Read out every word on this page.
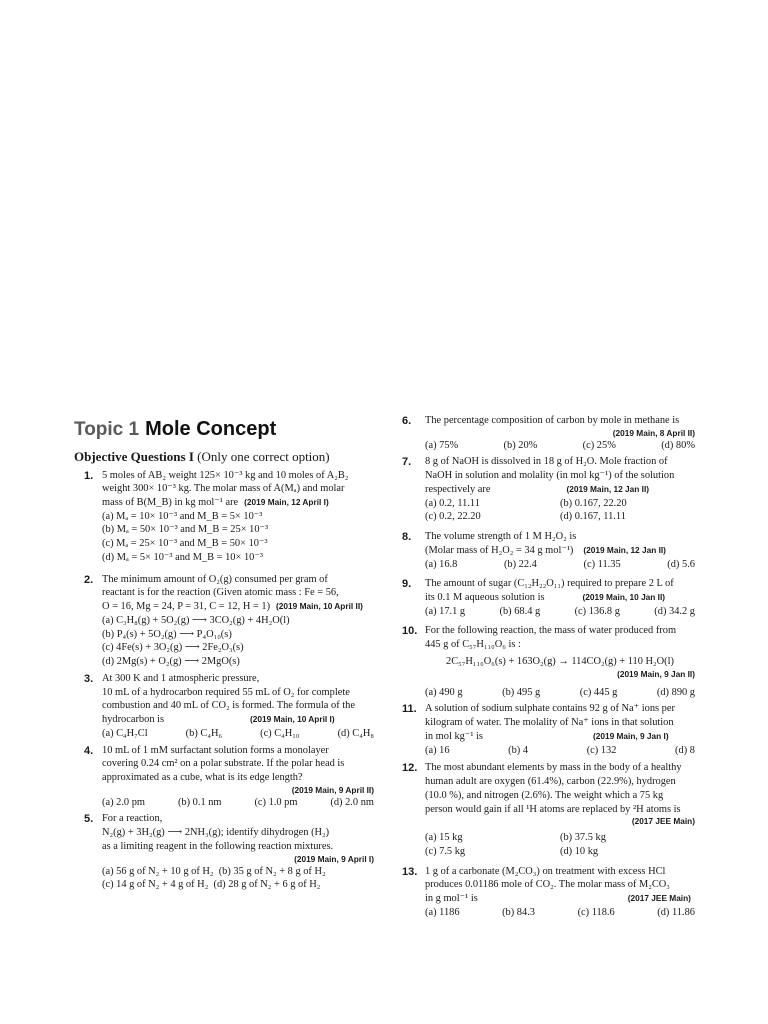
Topic 1 Mole Concept
Objective Questions I (Only one correct option)
1. 5 moles of AB₂ weight 125× 10⁻³ kg and 10 moles of A₂B₂
weight 300× 10⁻³ kg. The molar mass of A(Mₐ) and molar
mass of B(M_B) in kg mol⁻¹ are (2019 Main, 12 April I)
(a) Mₐ = 10× 10⁻³ and M_B = 5× 10⁻³
(b) Mₐ = 50× 10⁻³ and M_B = 25× 10⁻³
(c) Mₐ = 25× 10⁻³ and M_B = 50× 10⁻³
(d) Mₐ = 5× 10⁻³ and M_B = 10× 10⁻³
2. The minimum amount of O₂(g) consumed per gram of
reactant is for the reaction (Given atomic mass : Fe = 56,
O = 16, Mg = 24, P = 31, C = 12, H = 1) (2019 Main, 10 April II)
(a) C₃H₈(g) + 5O₂(g) ⟶ 3CO₂(g) + 4H₂O(l)
(b) P₄(s) + 5O₂(g) ⟶ P₄O₁₀(s)
(c) 4Fe(s) + 3O₂(g) ⟶ 2Fe₂O₃(s)
(d) 2Mg(s) + O₂(g) ⟶ 2MgO(s)
3. At 300 K and 1 atmospheric pressure,
10 mL of a hydrocarbon required 55 mL of O₂ for complete
combustion and 40 mL of CO₂ is formed. The formula of the
hydrocarbon is	(2019 Main, 10 April I)
(a) C₄H₇Cl	(b) C₄H₆	(c) C₄H₁₀	(d) C₄H₈
4. 10 mL of 1 mM surfactant solution forms a monolayer
covering 0.24 cm² on a polar substrate. If the polar head is
approximated as a cube, what is its edge length?
(2019 Main, 9 April II)
(a) 2.0 pm	(b) 0.1 nm	(c) 1.0 pm	(d) 2.0 nm
5. For a reaction,
N₂(g) + 3H₂(g) ⟶ 2NH₃(g); identify dihydrogen (H₂)
as a limiting reagent in the following reaction mixtures.
(2019 Main, 9 April I)
(a) 56 g of N₂ + 10 g of H₂ (b) 35 g of N₂ + 8 g of H₂
(c) 14 g of N₂ + 4 g of H₂ (d) 28 g of N₂ + 6 g of H₂
6. The percentage composition of carbon by mole in methane is
(2019 Main, 8 April II)
(a) 75%	(b) 20%	(c) 25%	(d) 80%
7. 8 g of NaOH is dissolved in 18 g of H₂O. Mole fraction of
NaOH in solution and molality (in mol kg⁻¹) of the solution
respectively are	(2019 Main, 12 Jan II)
(a) 0.2, 11.11	(b) 0.167, 22.20
(c) 0.2, 22.20	(d) 0.167, 11.11
8. The volume strength of 1 M H₂O₂ is
(Molar mass of H₂O₂ = 34 g mol⁻¹) (2019 Main, 12 Jan II)
(a) 16.8	(b) 22.4	(c) 11.35	(d) 5.6
9. The amount of sugar (C₁₂H₂₂O₁₁) required to prepare 2 L of
its 0.1 M aqueous solution is	(2019 Main, 10 Jan II)
(a) 17.1 g	(b) 68.4 g	(c) 136.8 g	(d) 34.2 g
10. For the following reaction, the mass of water produced from
445 g of C₅₇H₁₁₀O₆ is :
2C₅₇H₁₁₀O₆(s) + 163O₂(g) → 114CO₂(g) + 110 H₂O(l)
(2019 Main, 9 Jan II)
(a) 490 g	(b) 495 g	(c) 445 g	(d) 890 g
11. A solution of sodium sulphate contains 92 g of Na⁺ ions per
kilogram of water. The molality of Na⁺ ions in that solution
in mol kg⁻¹ is	(2019 Main, 9 Jan I)
(a) 16	(b) 4	(c) 132	(d) 8
12. The most abundant elements by mass in the body of a healthy
human adult are oxygen (61.4%), carbon (22.9%), hydrogen
(10.0 %), and nitrogen (2.6%). The weight which a 75 kg
person would gain if all ¹H atoms are replaced by ²H atoms is
(2017 JEE Main)
(a) 15 kg	(b) 37.5 kg
(c) 7.5 kg	(d) 10 kg
13. 1 g of a carbonate (M₂CO₃) on treatment with excess HCl
produces 0.01186 mole of CO₂. The molar mass of M₂CO₃
in g mol⁻¹ is	(2017 JEE Main)
(a) 1186	(b) 84.3	(c) 118.6	(d) 11.86
